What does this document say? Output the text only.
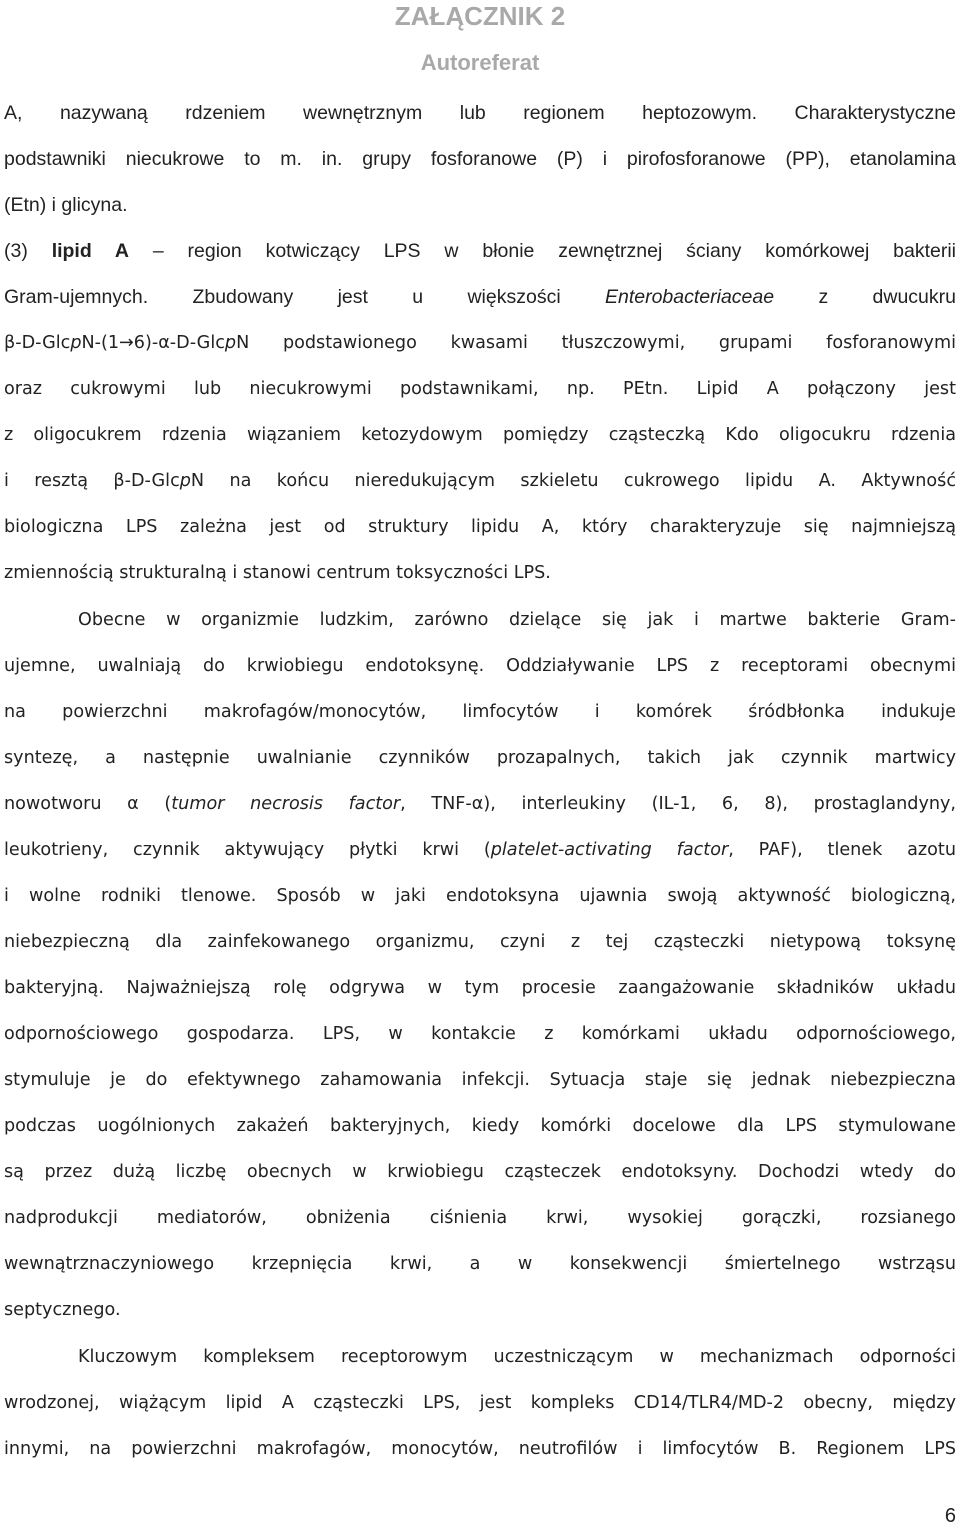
ZAŁĄCZNIK 2
Autoreferat
A, nazywaną rdzeniem wewnętrznym lub regionem heptozowym. Charakterystyczne
podstawniki niecukrowe to m. in. grupy fosforanowe (P) i pirofosforanowe (PP), etanolamina
(Etn) i glicyna.
(3) lipid A – region kotwiczący LPS w błonie zewnętrznej ściany komórkowej bakterii
Gram-ujemnych. Zbudowany jest u większości Enterobacteriaceae z dwucukru
β-D-GlcpN-(1→6)-α-D-GlcpN podstawionego kwasami tłuszczowymi, grupami fosforanowymi
oraz cukrowymi lub niecukrowymi podstawnikami, np. PEtn. Lipid A połączony jest
z oligocukrem rdzenia wiązaniem ketozydowym pomiędzy cząsteczką Kdo oligocukru rdzenia
i resztą β-D-GlcpN na końcu nieredukującym szkieletu cukrowego lipidu A. Aktywność
biologiczna LPS zależna jest od struktury lipidu A, który charakteryzuje się najmniejszą
zmiennością strukturalną i stanowi centrum toksyczności LPS.
Obecne w organizmie ludzkim, zarówno dzielące się jak i martwe bakterie Gram-
ujemne, uwalniają do krwiobiegu endotoksynę. Oddziaływanie LPS z receptorami obecnymi
na powierzchni makrofagów/monocytów, limfocytów i komórek śródbłonka indukuje
syntezę, a następnie uwalnianie czynników prozapalnych, takich jak czynnik martwicy
nowotworu α (tumor necrosis factor, TNF-α), interleukiny (IL-1, 6, 8), prostaglandyny,
leukotrieny, czynnik aktywujący płytki krwi (platelet-activating factor, PAF), tlenek azotu
i wolne rodniki tlenowe. Sposób w jaki endotoksyna ujawnia swoją aktywność biologiczną,
niebezpieczną dla zainfekowanego organizmu, czyni z tej cząsteczki nietypową toksynę
bakteryjną. Najważniejszą rolę odgrywa w tym procesie zaangażowanie składników układu
odpornościowego gospodarza. LPS, w kontakcie z komórkami układu odpornościowego,
stymuluje je do efektywnego zahamowania infekcji. Sytuacja staje się jednak niebezpieczna
podczas uogólnionych zakażeń bakteryjnych, kiedy komórki docelowe dla LPS stymulowane
są przez dużą liczbę obecnych w krwiobiegu cząsteczek endotoksyny. Dochodzi wtedy do
nadprodukcji mediatorów, obniżenia ciśnienia krwi, wysokiej gorączki, rozsianego
wewnątrznaczyniowego krzepnięcia krwi, a w konsekwencji śmiertelnego wstrząsu
septycznego.
Kluczowym kompleksem receptorowym uczestniczącym w mechanizmach odporności
wrodzonej, wiążącym lipid A cząsteczki LPS, jest kompleks CD14/TLR4/MD-2 obecny, między
innymi, na powierzchni makrofagów, monocytów, neutrofilów i limfocytów B. Regionem LPS
6
